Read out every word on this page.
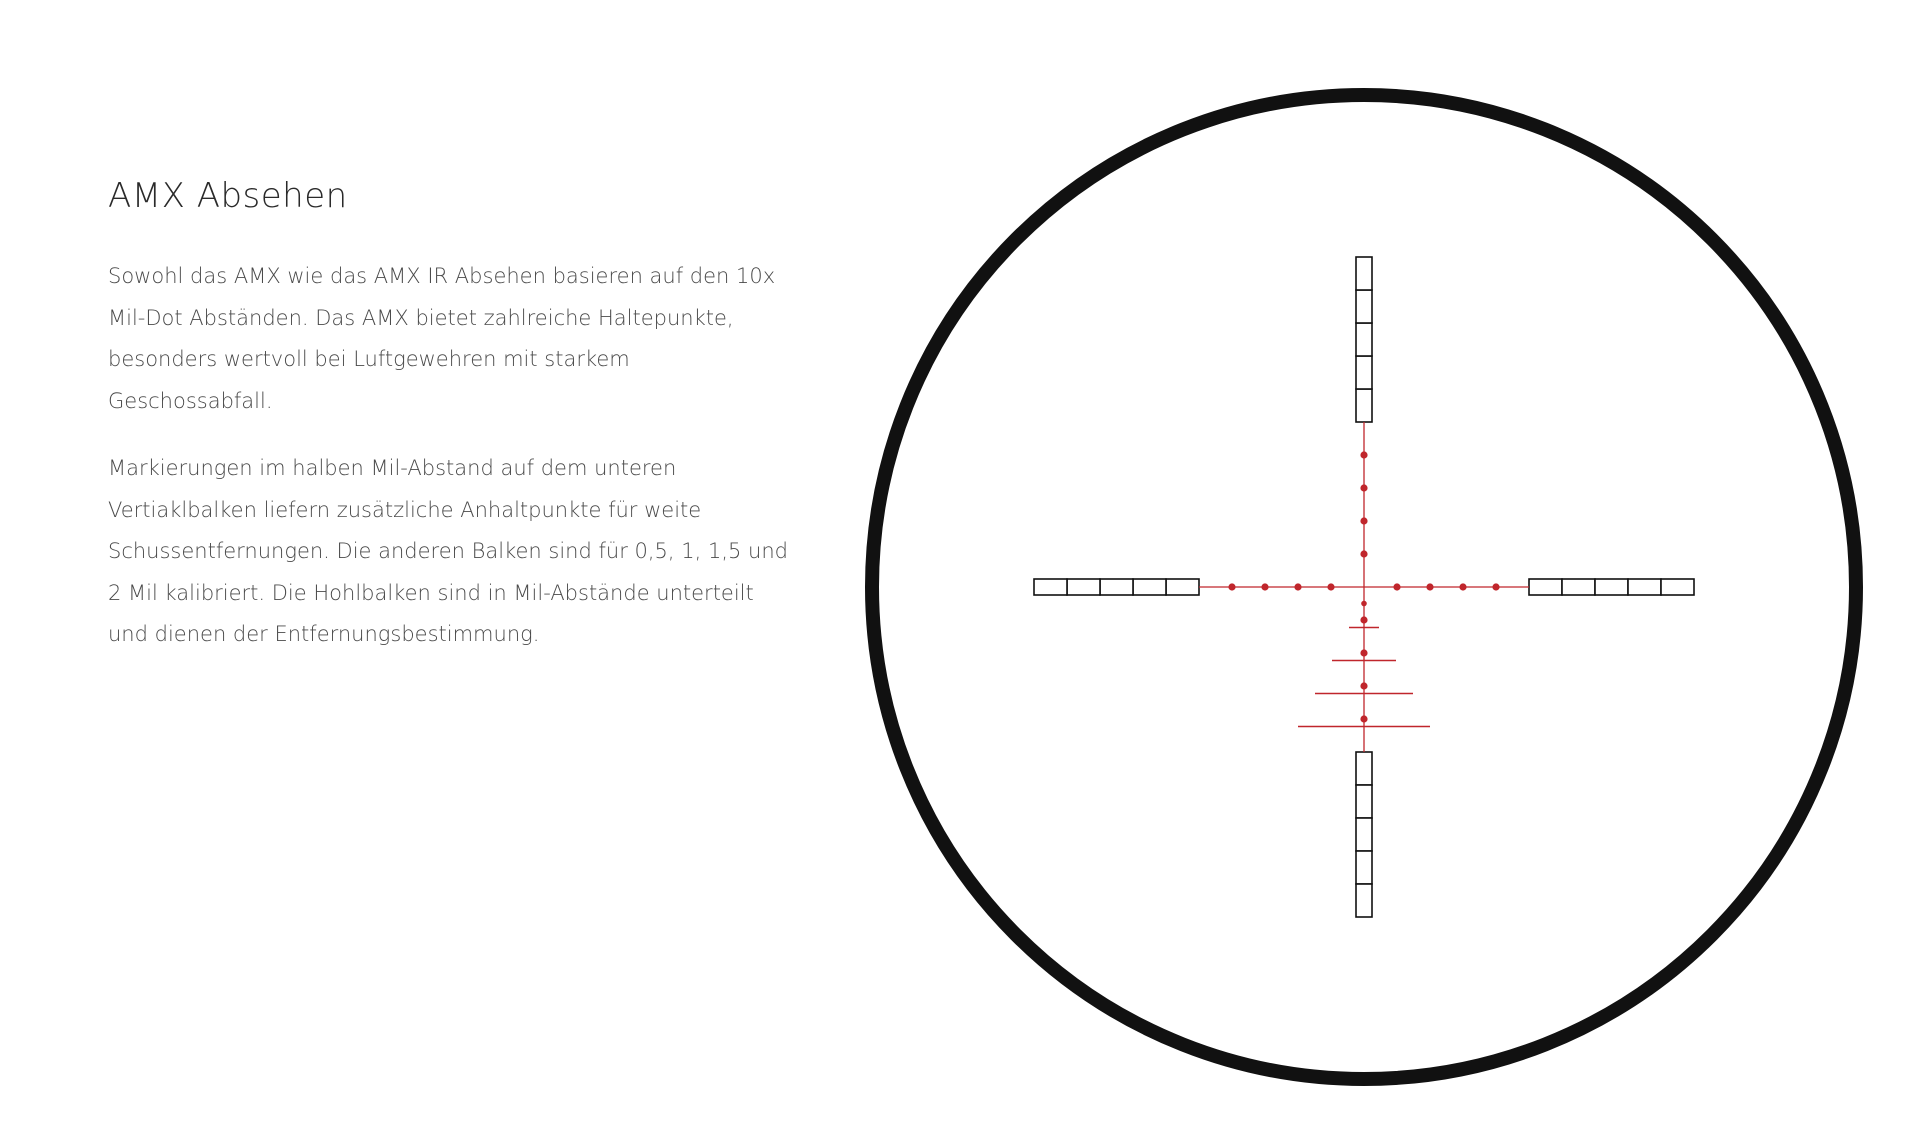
AMX Absehen

Sowohl das AMX wie das AMX IR Absehen basieren auf den 10x Mil-Dot Abständen. Das AMX bietet zahlreiche Haltepunkte, besonders wertvoll bei Luftgewehren mit starkem Geschossabfall.

Markierungen im halben Mil-Abstand auf dem unteren Vertiaklbalken liefern zusätzliche Anhaltpunkte für weite Schussentfernungen. Die anderen Balken sind für 0,5, 1, 1,5 und 2 Mil kalibriert. Die Hohlbalken sind in Mil-Abstände unterteilt und dienen der Entfernungsbestimmung.
